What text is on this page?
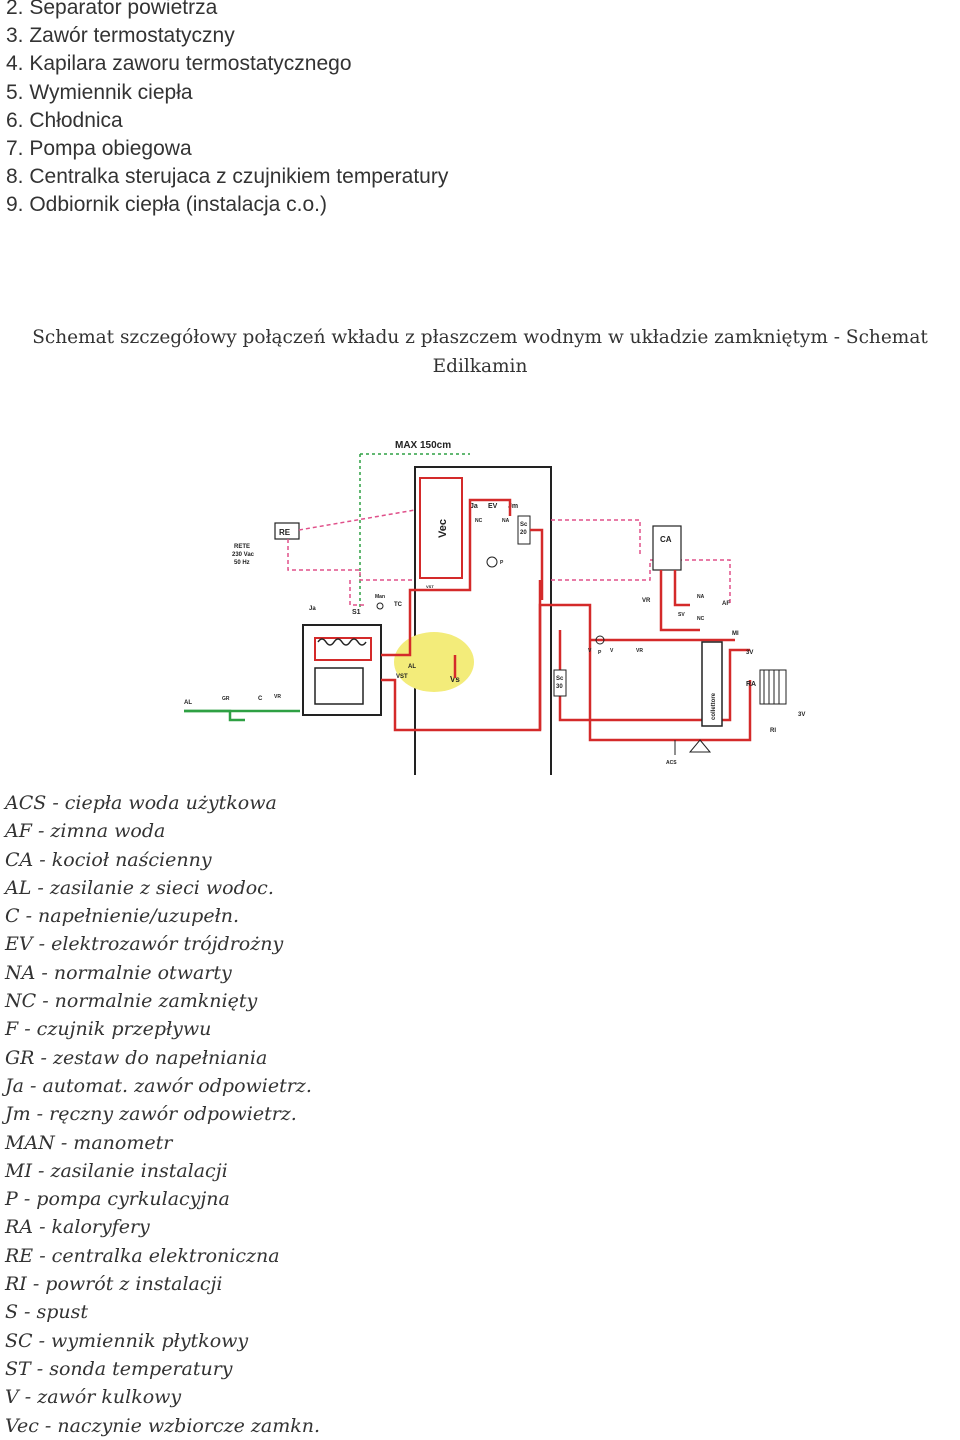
2. Separator powietrza
3. Zawór termostatyczny
4. Kapilara zaworu termostatycznego
5. Wymiennik ciepła
6. Chłodnica
7. Pompa obiegowa
8. Centralka sterujaca z czujnikiem temperatury
9. Odbiornik ciepła (instalacja c.o.)
Schemat szczegółowy połączeń wkładu z płaszczem wodnym w układzie zamkniętym - Schemat
Edilkamin
MAX 150cm
Vec
Ja EV Jm
NA
NC
Sc
20
P
VST
RE
RETE
230 Vac
50 Hz
CA
Ja
Man
TC
S1
AL
VST	Vs
VR
NA
AF
SV
NC
MI
V P V	VR
Sc
30
collettore
3V
RA
3V
RI
AL
GR	C VR
ACS
ACS - ciepła woda użytkowa
AF - zimna woda
CA - kocioł naścienny
AL - zasilanie z sieci wodoc.
C - napełnienie/uzupełn.
EV - elektrozawór trójdrożny
NA - normalnie otwarty
NC - normalnie zamknięty
F - czujnik przepływu
GR - zestaw do napełniania
Ja - automat. zawór odpowietrz.
Jm - ręczny zawór odpowietrz.
MAN - manometr
MI - zasilanie instalacji
P - pompa cyrkulacyjna
RA - kaloryfery
RE - centralka elektroniczna
RI - powrót z instalacji
S - spust
SC - wymiennik płytkowy
ST - sonda temperatury
V - zawór kulkowy
Vec - naczynie wzbiorcze zamkn.
